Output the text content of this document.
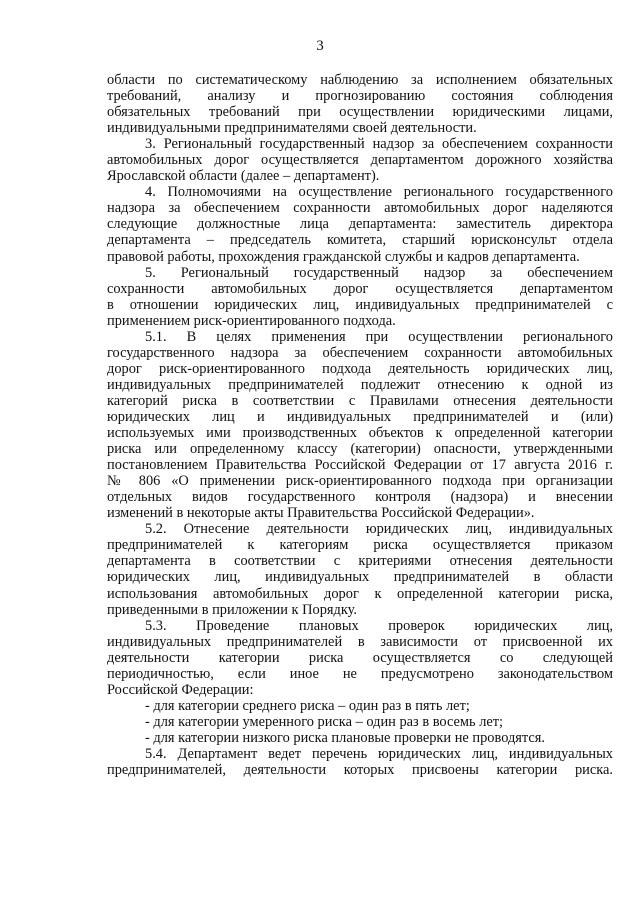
3
области по систематическому наблюдению за исполнением обязательных
требований, анализу и прогнозированию состояния соблюдения
обязательных требований при осуществлении юридическими лицами,
индивидуальными предпринимателями своей деятельности.
3. Региональный государственный надзор за обеспечением сохранности
автомобильных дорог осуществляется департаментом дорожного хозяйства
Ярославской области (далее – департамент).
4. Полномочиями на осуществление регионального государственного
надзора за обеспечением сохранности автомобильных дорог наделяются
следующие должностные лица департамента: заместитель директора
департамента – председатель комитета, старший юрисконсульт отдела
правовой работы, прохождения гражданской службы и кадров департамента.
5. Региональный государственный надзор за обеспечением
сохранности автомобильных дорог осуществляется департаментом
в отношении юридических лиц, индивидуальных предпринимателей с
применением риск-ориентированного подхода.
5.1. В целях применения при осуществлении регионального
государственного надзора за обеспечением сохранности автомобильных
дорог риск-ориентированного подхода деятельность юридических лиц,
индивидуальных предпринимателей подлежит отнесению к одной из
категорий риска в соответствии с Правилами отнесения деятельности
юридических лиц и индивидуальных предпринимателей и (или)
используемых ими производственных объектов к определенной категории
риска или определенному классу (категории) опасности, утвержденными
постановлением Правительства Российской Федерации от 17 августа 2016 г.
№ 806 «О применении риск-ориентированного подхода при организации
отдельных видов государственного контроля (надзора) и внесении
изменений в некоторые акты Правительства Российской Федерации».
5.2. Отнесение деятельности юридических лиц, индивидуальных
предпринимателей к категориям риска осуществляется приказом
департамента в соответствии с критериями отнесения деятельности
юридических лиц, индивидуальных предпринимателей в области
использования автомобильных дорог к определенной категории риска,
приведенными в приложении к Порядку.
5.3. Проведение плановых проверок юридических лиц,
индивидуальных предпринимателей в зависимости от присвоенной их
деятельности категории риска осуществляется со следующей
периодичностью, если иное не предусмотрено законодательством
Российской Федерации:
- для категории среднего риска – один раз в пять лет;
- для категории умеренного риска – один раз в восемь лет;
- для категории низкого риска плановые проверки не проводятся.
5.4. Департамент ведет перечень юридических лиц, индивидуальных
предпринимателей, деятельности которых присвоены категории риска.
